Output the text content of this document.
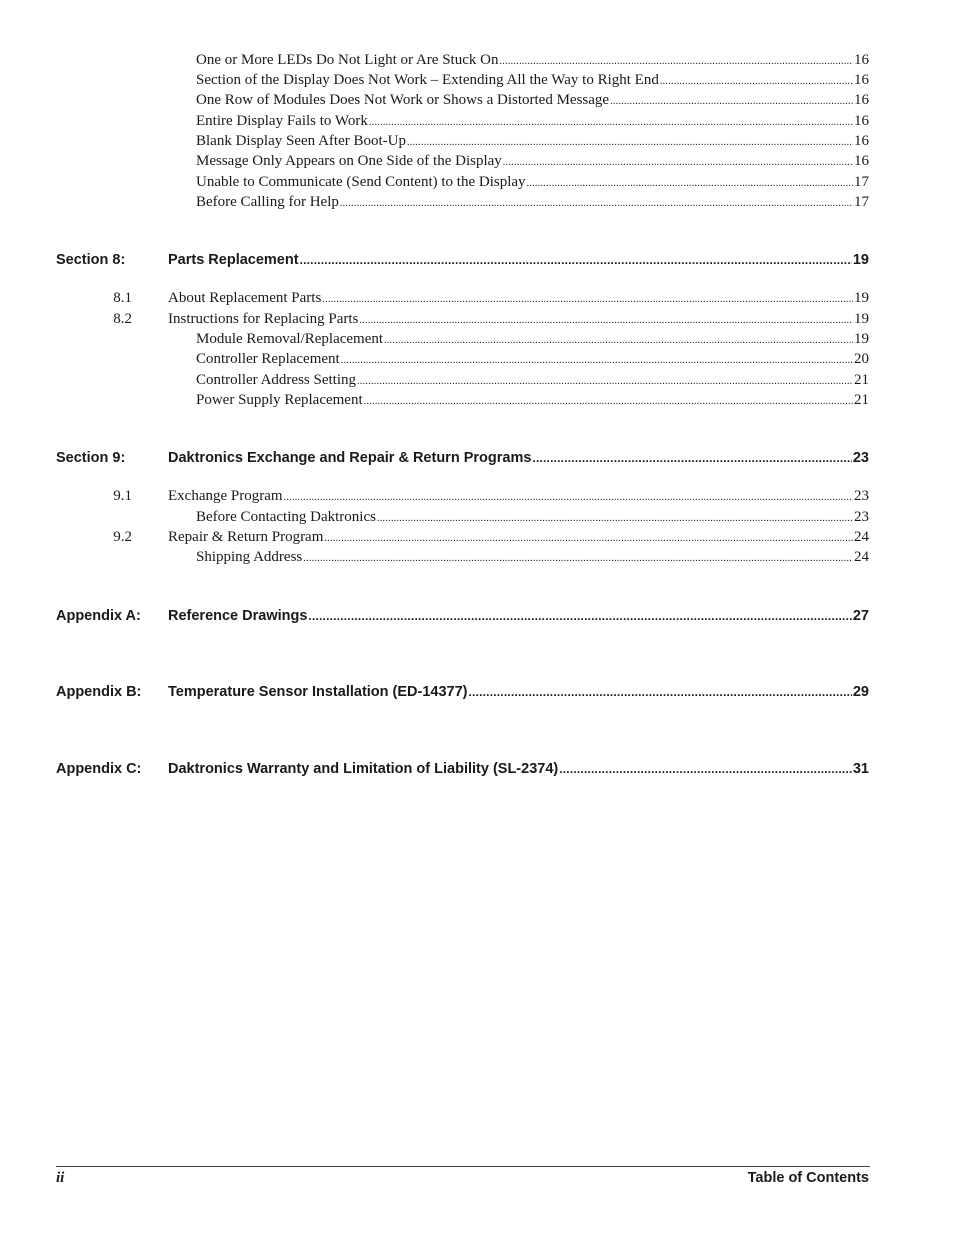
One or More LEDs Do Not Light or Are Stuck On .....	16
Section of the Display Does Not Work – Extending All the Way to Right End .....	16
One Row of Modules Does Not Work or Shows a Distorted Message .....	16
Entire Display Fails to Work .....	16
Blank Display Seen After Boot-Up .....	16
Message Only Appears on One Side of the Display .....	16
Unable to Communicate (Send Content) to the Display .....	17
Before Calling for Help .....	17
Section 8:	Parts Replacement .....	19
8.1 About Replacement Parts .....	19
8.2 Instructions for Replacing Parts .....	19
Module Removal/Replacement .....	19
Controller Replacement .....	20
Controller Address Setting .....	21
Power Supply Replacement .....	21
Section 9:	Daktronics Exchange and Repair & Return Programs .....	23
9.1 Exchange Program .....	23
Before Contacting Daktronics .....	23
9.2 Repair & Return Program .....	24
Shipping Address .....	24
Appendix A: Reference Drawings .....	27
Appendix B: Temperature Sensor Installation (ED-14377) .....	29
Appendix C: Daktronics Warranty and Limitation of Liability (SL-2374) .....	31
ii	Table of Contents
